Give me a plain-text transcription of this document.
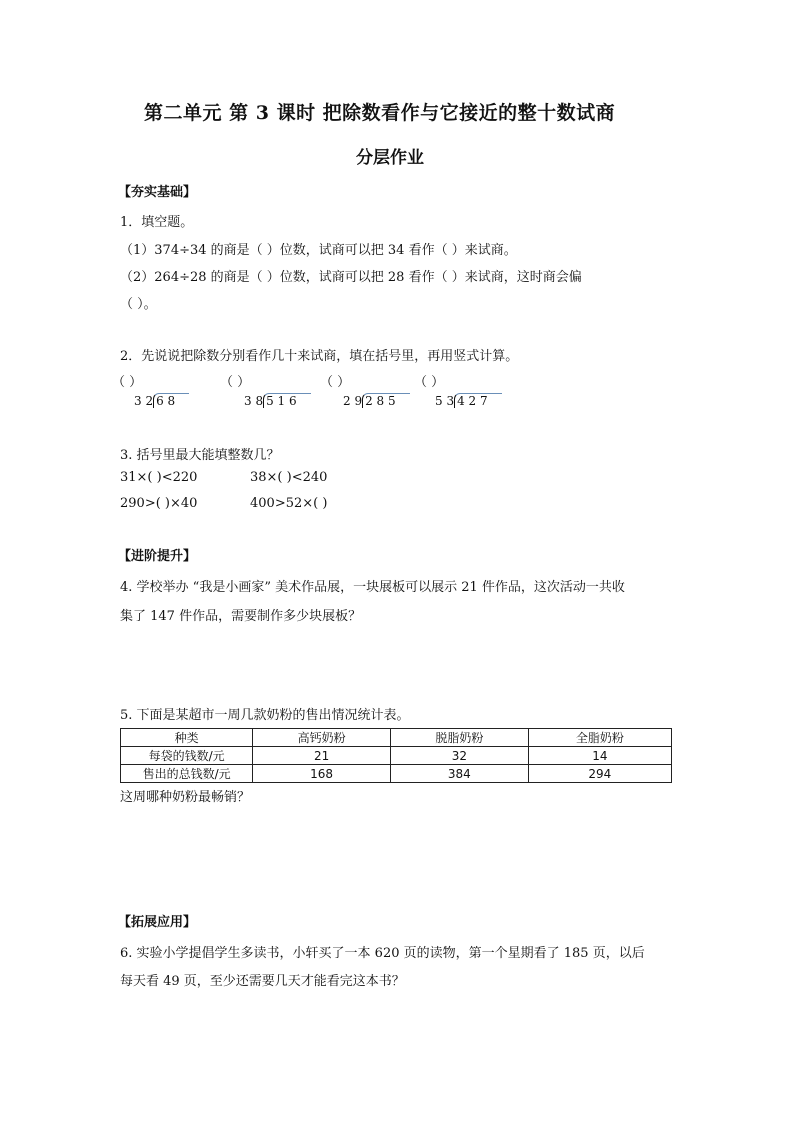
第二单元 第 3 课时 把除数看作与它接近的整十数试商
分层作业
【夯实基础】
1．填空题。
（1）374÷34 的商是（ ）位数，试商可以把 34 看作（ ）来试商。
（2）264÷28 的商是（ ）位数，试商可以把 28 看作（ ）来试商，这时商会偏
（ ）。
2．先说说把除数分别看作几十来试商，填在括号里，再用竖式计算。
（ ）	（ ）	（ ）	（ ）
3 2 6 8	3 8 5 1 6	2 9 2 8 5	5 3 4 2 7
3. 括号里最大能填整数几？
31×( )<220	38×( )<240
290>( )×40	400>52×( )
【进阶提升】
4. 学校举办 “我是小画家” 美术作品展，一块展板可以展示 21 件作品，这次活动一共收
集了 147 件作品，需要制作多少块展板？
5. 下面是某超市一周几款奶粉的售出情况统计表。
种类	高钙奶粉	脱脂奶粉	全脂奶粉
每袋的钱数/元	21	32	14
售出的总钱数/元	168	384	294
这周哪种奶粉最畅销？
【拓展应用】
6. 实验小学提倡学生多读书，小轩买了一本 620 页的读物，第一个星期看了 185 页，以后
每天看 49 页，至少还需要几天才能看完这本书？
